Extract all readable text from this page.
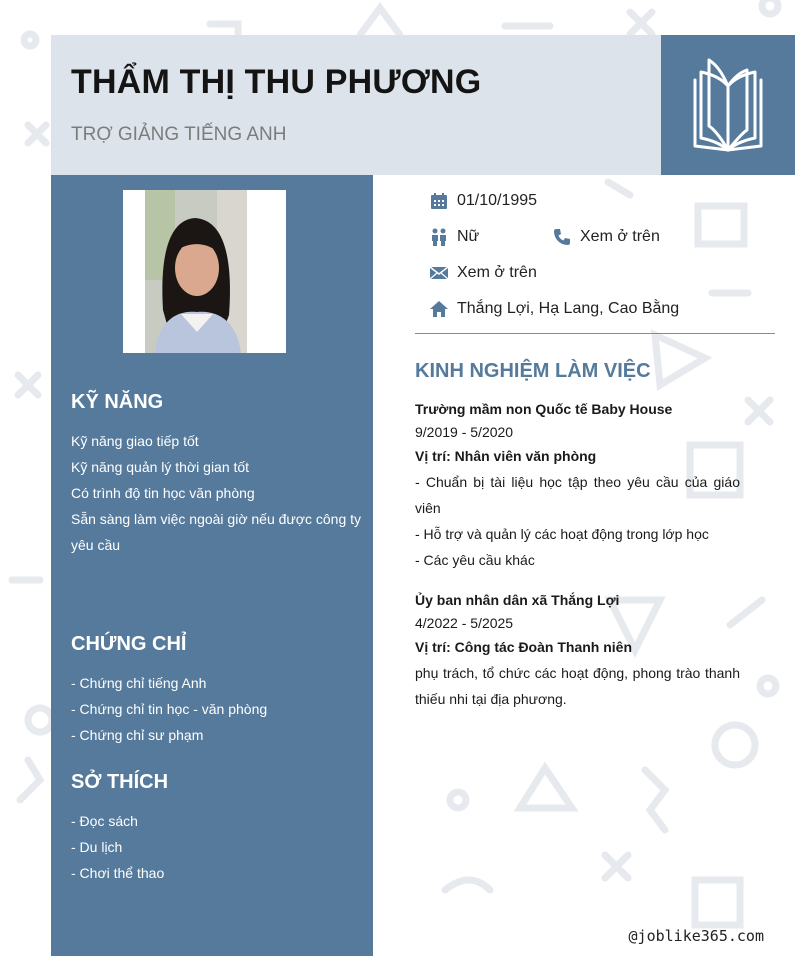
THẨM THỊ THU PHƯƠNG
TRỢ GIẢNG TIẾNG ANH
KỸ NĂNG
Kỹ năng giao tiếp tốt
Kỹ năng quản lý thời gian tốt
Có trình độ tin học văn phòng
Sẵn sàng làm việc ngoài giờ nếu được công ty yêu cầu
CHỨNG CHỈ
- Chứng chỉ tiếng Anh
- Chứng chỉ tin học - văn phòng
- Chứng chỉ sư phạm
SỞ THÍCH
- Đọc sách
- Du lịch
- Chơi thể thao
01/10/1995
Nữ	Xem ở trên
Xem ở trên
Thắng Lợi, Hạ Lang, Cao Bằng
KINH NGHIỆM LÀM VIỆC
Trường mầm non Quốc tế Baby House
9/2019 - 5/2020
Vị trí: Nhân viên văn phòng

- Chuẩn bị tài liệu học tập theo yêu cầu của giáo viên

- Hỗ trợ và quản lý các hoạt động trong lớp học

- Các yêu cầu khác

Ủy ban nhân dân xã Thắng Lợi
4/2022 - 5/2025
Vị trí: Công tác Đoàn Thanh niên

phụ trách, tổ chức các hoạt động, phong trào thanh thiếu nhi tại địa phương.

@joblike365.com
